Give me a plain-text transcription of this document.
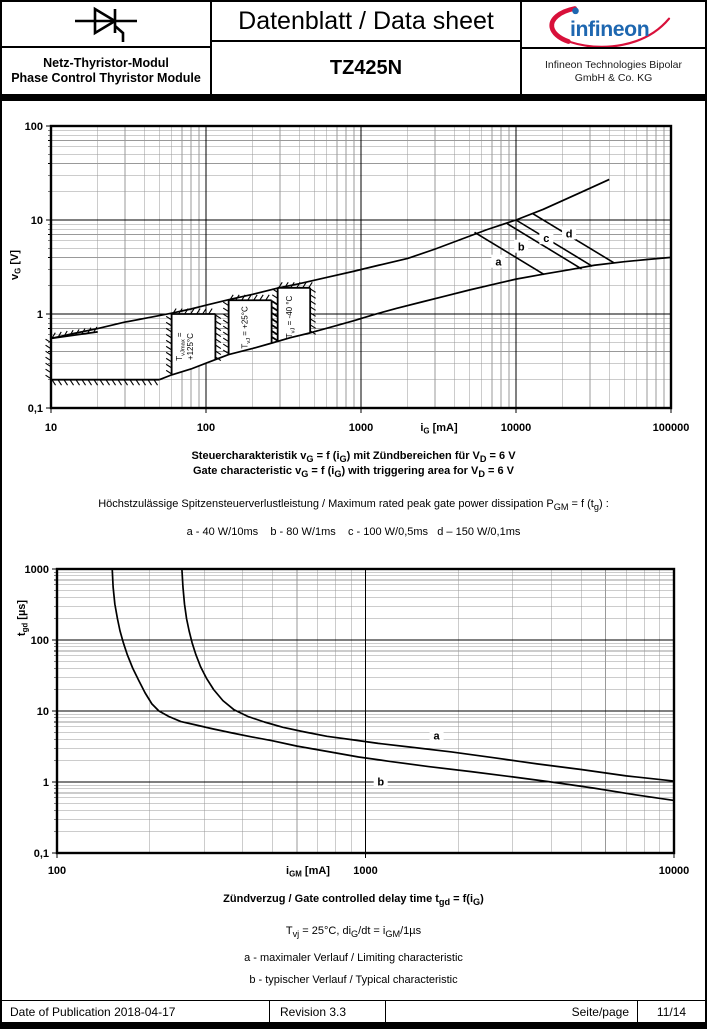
Netz-Thyristor-Modul
Phase Control Thyristor Module
Datenblatt / Data sheet
TZ425N
infineon
Infineon Technologies Bipolar
GmbH & Co. KG
$T_{vJmax} = +125^\circ C$	$T_{vJ} = +25^\circ C$	$T_{vJ} = -40$ °C
a
b
c d
10	100	1000	10000	100000
0,1
1
10
100
$i_G$ [mA]
$v_G$ [V]
a
b
100	1000	10000
0,1
1
10
100
1000
$i_{GM}$ [mA]
$t_{gd}$ [µs]
Steuercharakteristik $v_G = f$ $(i_G)$ mit Zündbereichen für $V_D = 6$ V
Gate characteristic $v_G = f$ $(i_G)$ with triggering area for $V_D = 6$ V
Höchstzulässige Spitzensteuerverlustleistung / Maximum rated peak gate power dissipation $P_{GM} = f$ $(t_g)$ :
a - 40 W/10ms    b - 80 W/1ms    c - 100 W/0,5ms   d – 150 W/0,1ms
Zündverzug / Gate controlled delay time $t_{gd} = f(i_G)$
$T_{vj} = 25^\circ C$, $di_G/dt = i_{GM}/1\mu s$
a - maximaler Verlauf / Limiting characteristic
b - typischer Verlauf / Typical characteristic
Date of Publication 2018-04-17	Revision 3.3	Seite/page	11/14
